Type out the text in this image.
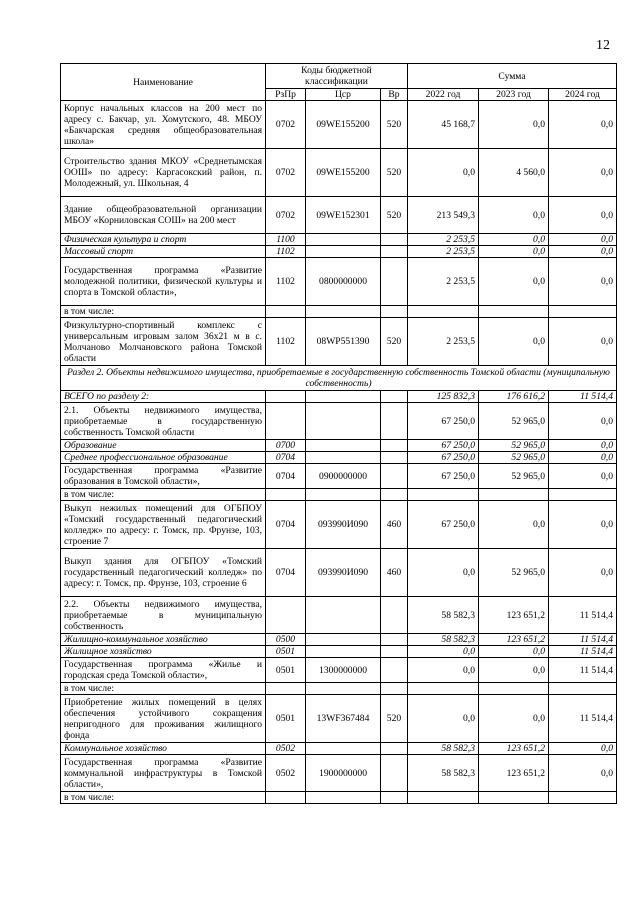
12
Наименование	Коды бюджетной классификации			Сумма		
	РзПр	Цср	Вр	2022 год	2023 год	2024 год
Корпус начальных классов на 200 мест по адресу с. Бакчар, ул. Хомутского, 48. МБОУ «Бакчарская средняя общеобразовательная школа»	0702	09WE155200	520	45 168,7	0,0	0,0
Строительство здания МКОУ «Среднетымская ООШ» по адресу: Каргасокский район, п. Молодежный, ул. Школьная, 4	0702	09WE155200	520	0,0	4 560,0	0,0
Здание общеобразовательной организации МБОУ «Корниловская СОШ» на 200 мест	0702	09WE152301	520	213 549,3	0,0	0,0
Физическая культура и спорт	1100			2 253,5	0,0	0,0
Массовый спорт	1102			2 253,5	0,0	0,0
Государственная программа «Развитие молодежной политики, физической культуры и спорта в Томской области»,	1102	0800000000		2 253,5	0,0	0,0
в том числе:						
Физкультурно-спортивный комплекс с универсальным игровым залом 36х21 м в с. Молчаново Молчановского района Томской области	1102	08WP551390	520	2 253,5	0,0	0,0
Раздел 2. Объекты недвижимого имущества, приобретаемые в государственную собственность Томской области (муниципальную собственность)						
ВСЕГО по разделу 2:				125 832,3	176 616,2	11 514,4
2.1. Объекты недвижимого имущества, приобретаемые в государственную собственность Томской области				67 250,0	52 965,0	0,0
Образование	0700			67 250,0	52 965,0	0,0
Среднее профессиональное образование	0704			67 250,0	52 965,0	0,0
Государственная программа «Развитие образования в Томской области»,	0704	0900000000		67 250,0	52 965,0	0,0
в том числе:						
Выкуп нежилых помещений для ОГБПОУ «Томский государственный педагогический колледж» по адресу: г. Томск, пр. Фрунзе, 103, строение 7	0704	093990И090	460	67 250,0	0,0	0,0
Выкуп здания для ОГБПОУ «Томский государственный педагогический колледж» по адресу: г. Томск, пр. Фрунзе, 103, строение 6	0704	093990И090	460	0,0	52 965,0	0,0
2.2. Объекты недвижимого имущества, приобретаемые в муниципальную собственность				58 582,3	123 651,2	11 514,4
Жилищно-коммунальное хозяйство	0500			58 582,3	123 651,2	11 514,4
Жилищное хозяйство	0501			0,0	0,0	11 514,4
Государственная программа «Жилье и городская среда Томской области»,	0501	1300000000		0,0	0,0	11 514,4
в том числе:						
Приобретение жилых помещений в целях обеспечения устойчивого сокращения непригодного для проживания жилищного фонда	0501	13WF367484	520	0,0	0,0	11 514,4
Коммунальное хозяйство	0502			58 582,3	123 651,2	0,0
Государственная программа «Развитие коммунальной инфраструктуры в Томской области»,	0502	1900000000		58 582,3	123 651,2	0,0
в том числе:						
